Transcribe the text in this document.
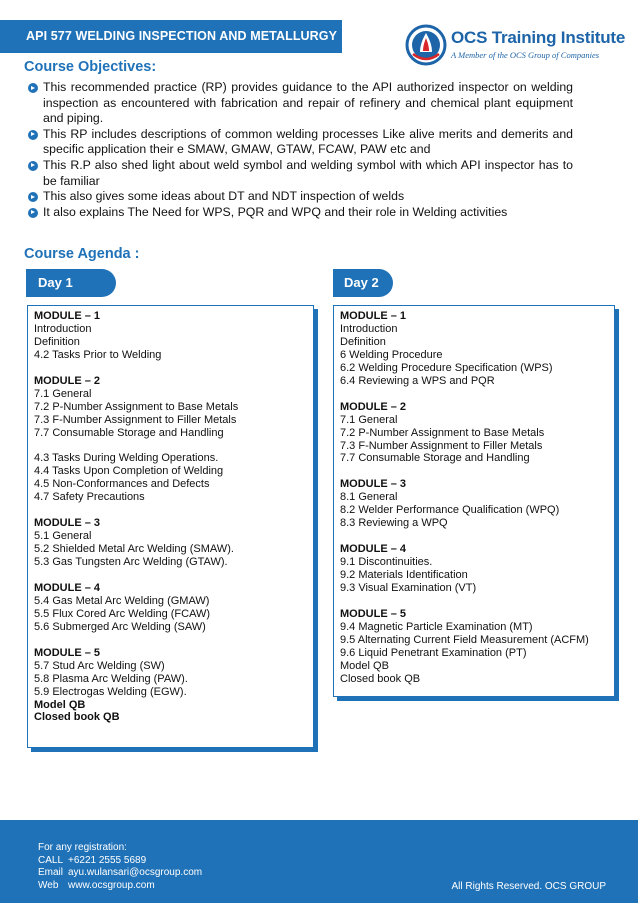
API 577 WELDING INSPECTION AND METALLURGY	OCS Training Institute
A Member of the OCS Group of Companies
Course Objectives:
This recommended practice (RP) provides guidance to the API authorized inspector on welding inspection as encountered with fabrication and repair of refinery and chemical plant equipment and piping.
This RP includes descriptions of common welding processes Like alive merits and demerits and specific application their e SMAW, GMAW, GTAW, FCAW, PAW etc and
This R.P also shed light about weld symbol and welding symbol with which API inspector has to be familiar
This also gives some ideas about DT and NDT inspection of welds
It also explains The Need for WPS, PQR and WPQ and their role in Welding activities
Course Agenda :
Day 1	Day 2
MODULE – 1
Introduction
Definition
4.2 Tasks Prior to Welding
MODULE – 2
7.1 General
7.2 P-Number Assignment to Base Metals
7.3 F-Number Assignment to Filler Metals
7.7 Consumable Storage and Handling
4.3 Tasks During Welding Operations.
4.4 Tasks Upon Completion of Welding
4.5 Non-Conformances and Defects
4.7 Safety Precautions
MODULE – 3
5.1 General
5.2 Shielded Metal Arc Welding (SMAW).
5.3 Gas Tungsten Arc Welding (GTAW).
MODULE – 4
5.4 Gas Metal Arc Welding (GMAW)
5.5 Flux Cored Arc Welding (FCAW)
5.6 Submerged Arc Welding (SAW)
MODULE – 5
5.7 Stud Arc Welding (SW)
5.8 Plasma Arc Welding (PAW).
5.9 Electrogas Welding (EGW).
Model QB
Closed book QB
MODULE – 1
Introduction
Definition
6 Welding Procedure
6.2 Welding Procedure Specification (WPS)
6.4 Reviewing a WPS and PQR
MODULE – 2
7.1 General
7.2 P-Number Assignment to Base Metals
7.3 F-Number Assignment to Filler Metals
7.7 Consumable Storage and Handling
MODULE – 3
8.1 General
8.2 Welder Performance Qualification (WPQ)
8.3 Reviewing a WPQ
MODULE – 4
9.1 Discontinuities.
9.2 Materials Identification
9.3 Visual Examination (VT)
MODULE – 5
9.4 Magnetic Particle Examination (MT)
9.5 Alternating Current Field Measurement (ACFM)
9.6 Liquid Penetrant Examination (PT)
Model QB
Closed book QB
For any registration:
CALL +6221 2555 5689
Email ayu.wulansari@ocsgroup.com
Web www.ocsgroup.com	All Rights Reserved. OCS GROUP
